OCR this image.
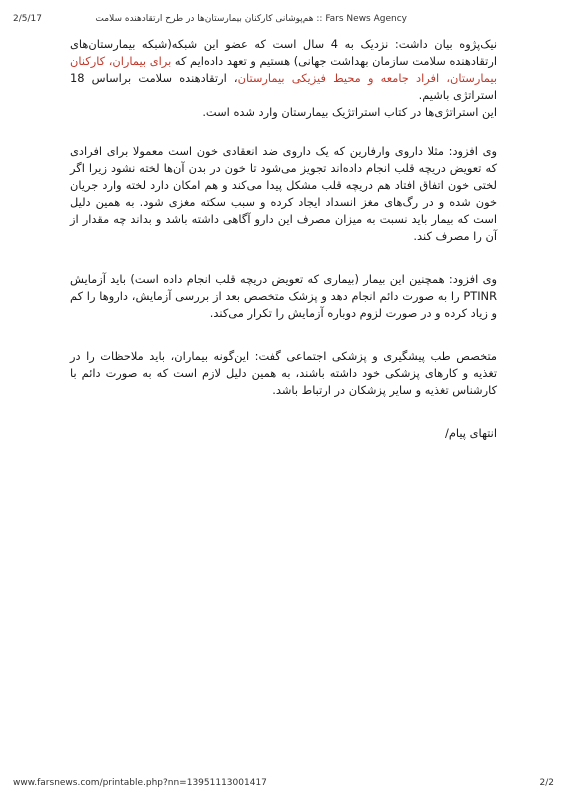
2/5/17	Fars News Agency :: هم‌پوشانی کارکنان بیمارستان‌ها در طرح ارتقادهنده سلامت

نیک‌پژوه بیان داشت: نزدیک به 4 سال است که عضو این شبکه(شبکه بیمارستان‌های ارتقادهنده سلامت سازمان بهداشت جهانی) هستیم و تعهد داده‌ایم که برای بیماران، کارکنان بیمارستان، افراد جامعه و محیط فیزیکی بیمارستان، ارتقادهنده سلامت براساس 18 استراتژی باشیم.
این استراتژی‌ها در کتاب استراتژیک بیمارستان وارد شده است.

وی افزود: مثلا داروی وارفارین که یک داروی ضد انعقادی خون است معمولا برای افرادی که تعویض دریچه قلب انجام داده‌اند تجویز می‌شود تا خون در بدن آن‌ها لخته نشود زیرا اگر لختی خون اتفاق افتاد هم دریچه قلب مشکل پیدا می‌کند و هم امکان دارد لخته وارد جریان خون شده و در رگ‌های مغز انسداد ایجاد کرده و سبب سکته مغزی شود. به همین دلیل است که بیمار باید نسبت به میزان مصرف این دارو آگاهی داشته باشد و بداند چه مقدار از آن را مصرف کند.

وی افزود: همچنین این بیمار (بیماری که تعویض دریچه قلب انجام داده است) باید آزمایش PTINR را به صورت دائم انجام دهد و پزشک متخصص بعد از بررسی آزمایش، داروها را کم و زیاد کرده و در صورت لزوم دوباره آزمایش را تکرار می‌کند.

متخصص طب پیشگیری و پزشکی اجتماعی گفت: این‌گونه بیماران، باید ملاحظات را در تغذیه و کارهای پزشکی خود داشته باشند، به همین دلیل لازم است که به صورت دائم با کارشناس تغذیه و سایر پزشکان در ارتباط باشد.

انتهای پیام/

www.farsnews.com/printable.php?nn=13951113001417	2/2
